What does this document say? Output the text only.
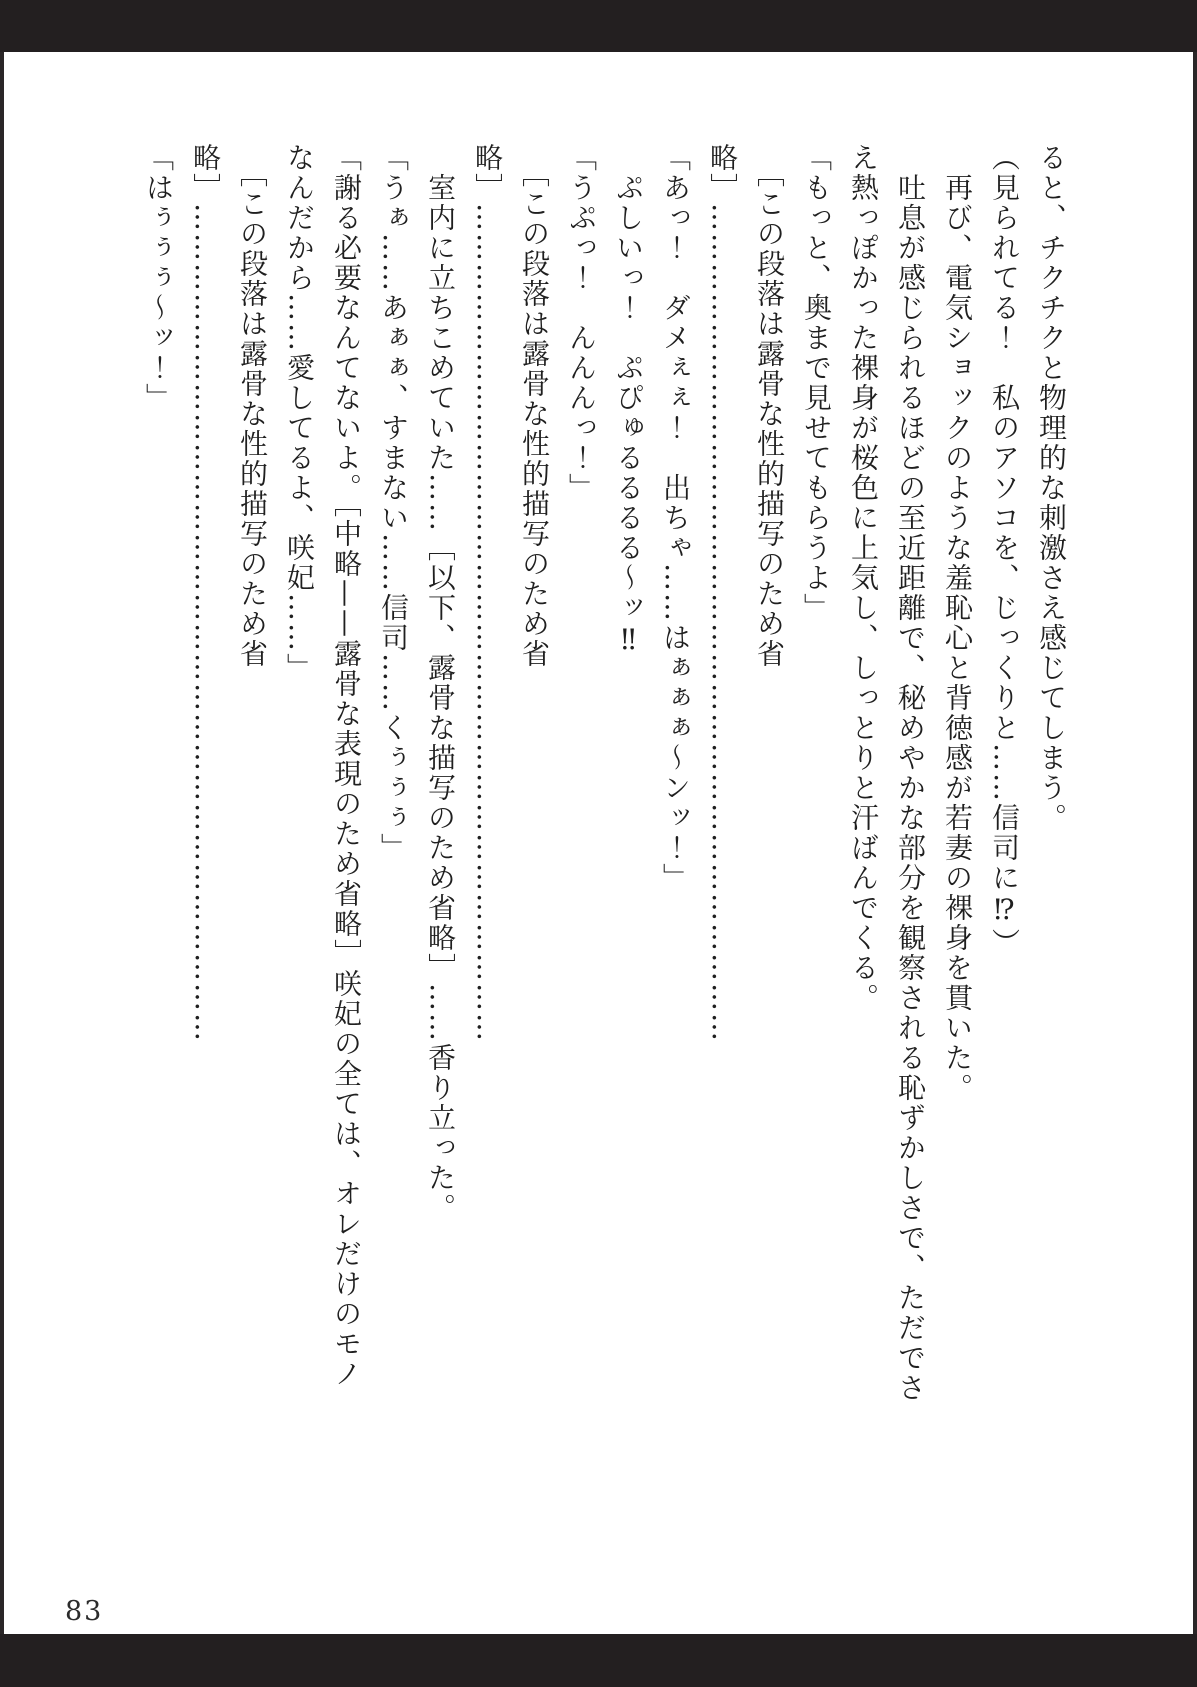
ると、チクチクと物理的な刺激さえ感じてしまう。

（見られてる！　私のアソコを、じっくりと……信司に⁉）

　再び、電気ショックのような羞恥心と背徳感が若妻の裸身を貫いた。

　吐息が感じられるほどの至近距離で、秘めやかな部分を観察される恥ずかしさで、ただでさえ熱っぽかった裸身が桜色に上気し、しっとりと汗ばんでくる。

「もっと、奥まで見せてもらうよ」

　［この段落は露骨な性的描写のため省略］…………………………………………………………………………

「あっ！　ダメぇぇ！　出ちゃ……はぁぁぁ～ンッ！」

　ぷしいっ！　ぷぴゅるるるる～ッ‼

「うぷっ！　んんんっ！」

　［この段落は露骨な性的描写のため省略］…………………………………………………………………………

　室内に立ちこめていた……［以下、露骨な描写のため省略］……香り立った。

「うぁ……あぁぁ、すまない……信司……くぅぅぅ」

「謝る必要なんてないよ。［中略——露骨な表現のため省略］咲妃の全ては、オレだけのモノなんだから……愛してるよ、咲妃……」

　［この段落は露骨な性的描写のため省略］…………………………………………………………………………

「はぅぅぅ～ッ！」

83
